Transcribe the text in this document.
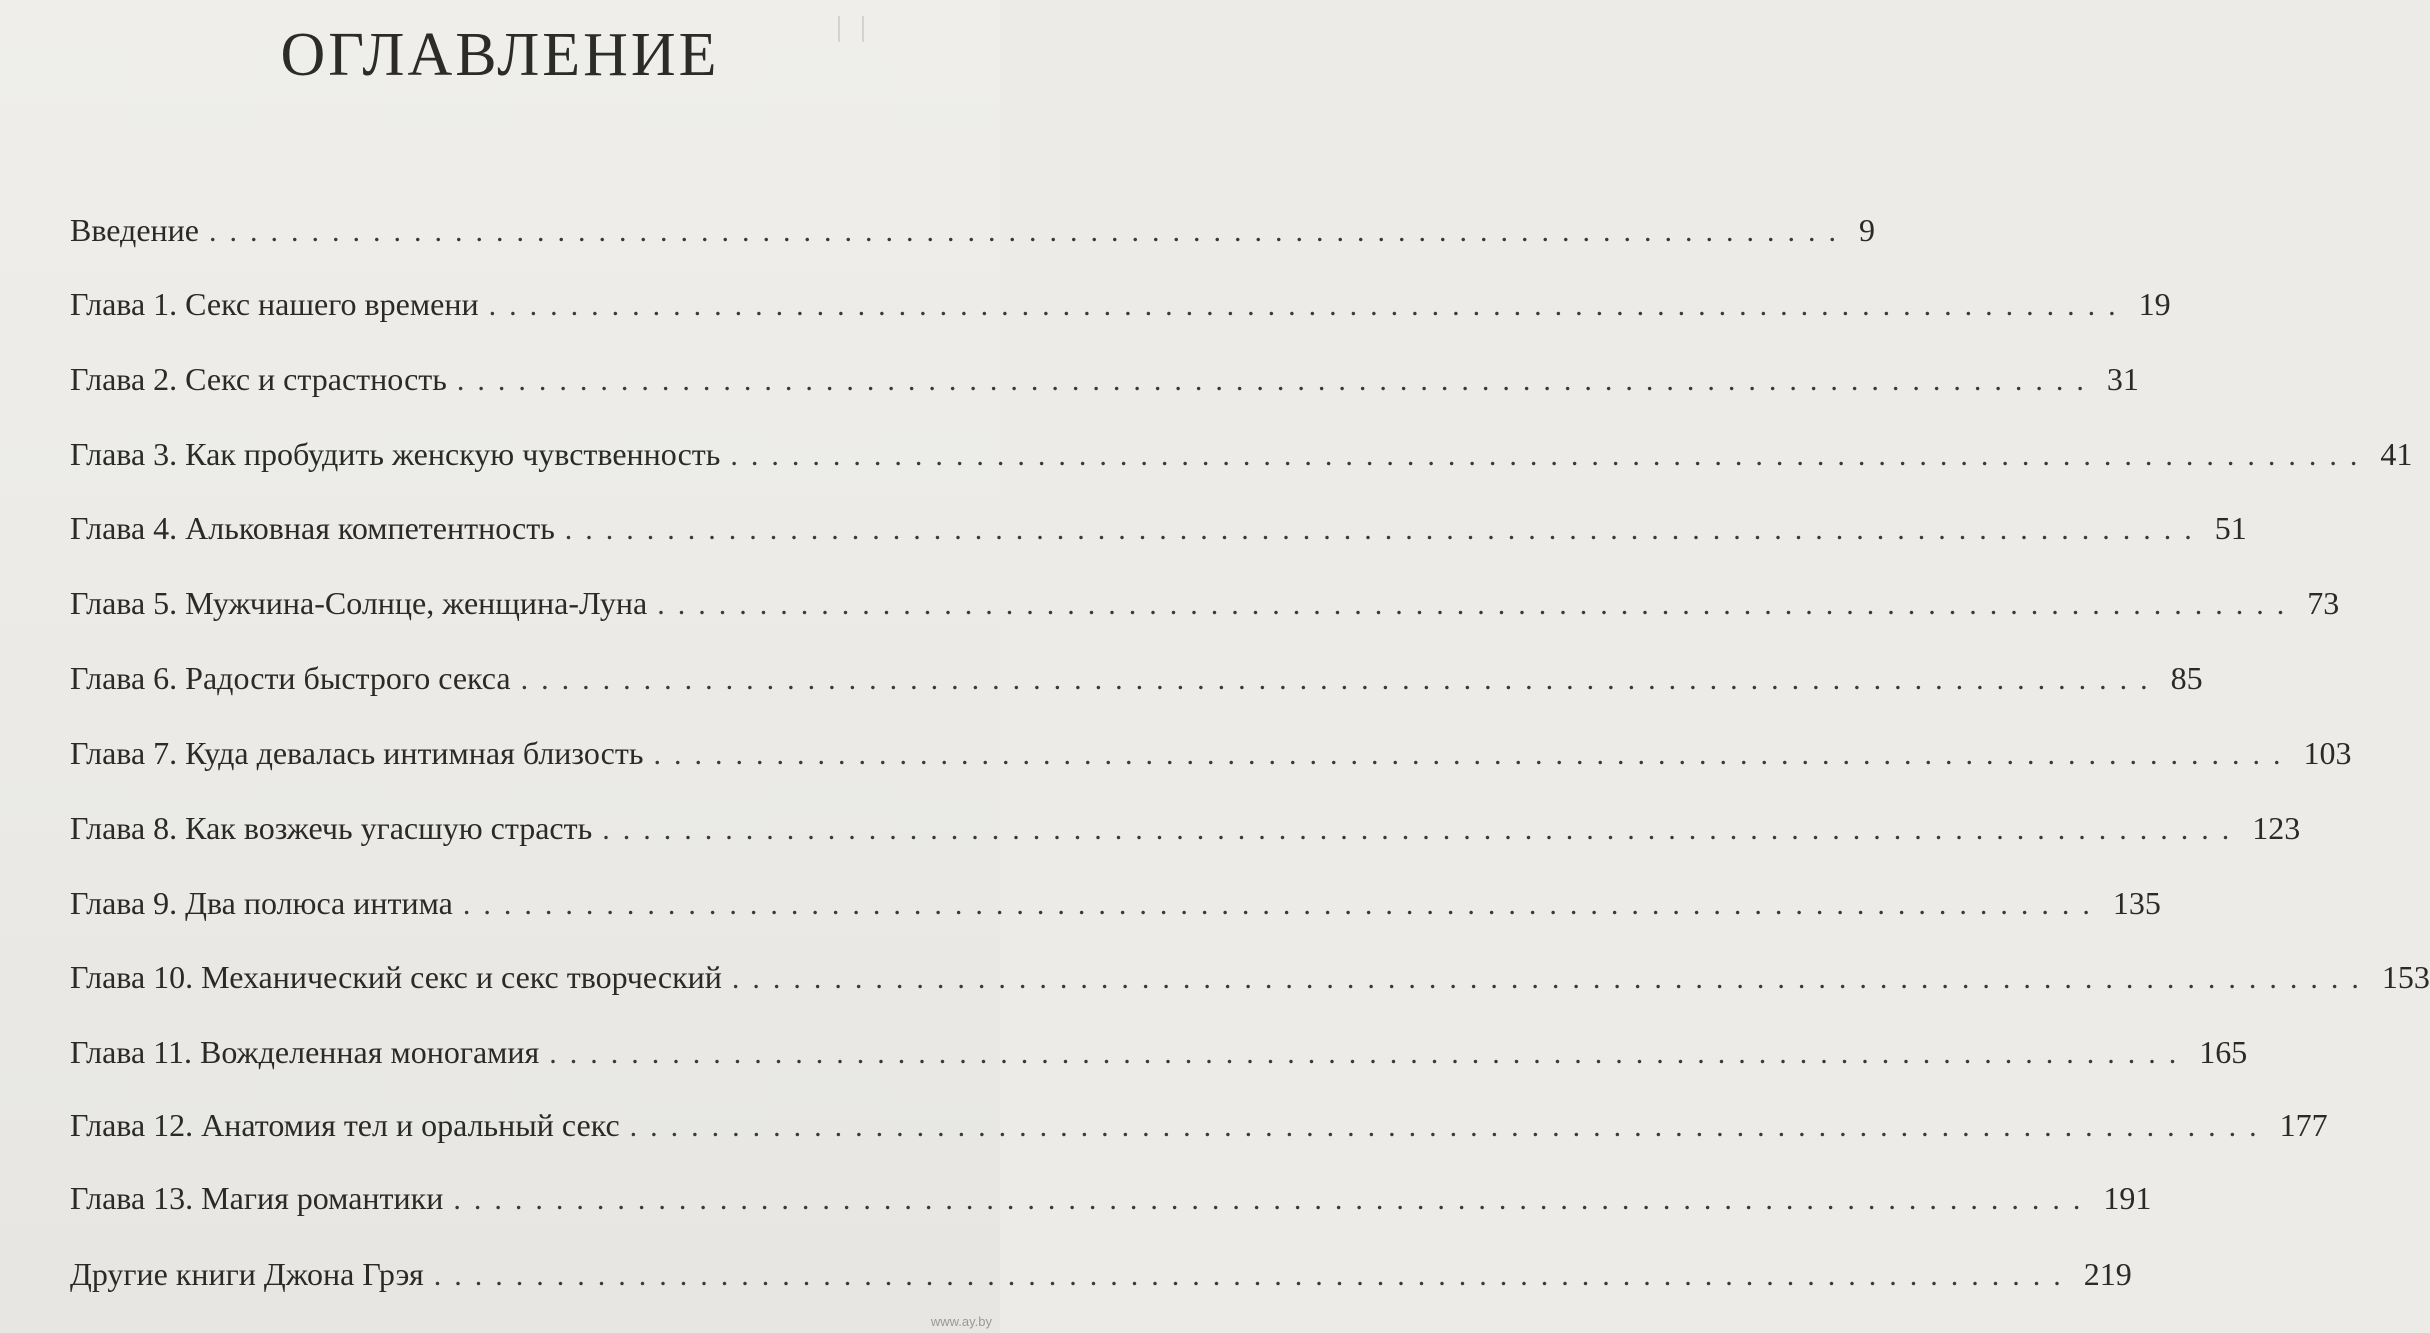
ОГЛАВЛЕНИЕ
Введение ................................................................................ 9
Глава 1. Секс нашего времени ................................................................................ 19
Глава 2. Секс и страстность ................................................................................ 31
Глава 3. Как пробудить женскую чувственность ................................................................................ 41
Глава 4. Альковная компетентность ................................................................................ 51
Глава 5. Мужчина-Солнце, женщина-Луна ................................................................................ 73
Глава 6. Радости быстрого секса ................................................................................ 85
Глава 7. Куда девалась интимная близость ................................................................................ 103
Глава 8. Как возжечь угасшую страсть ................................................................................ 123
Глава 9. Два полюса интима ................................................................................ 135
Глава 10. Механический секс и секс творческий ................................................................................ 153
Глава 11. Вожделенная моногамия ................................................................................ 165
Глава 12. Анатомия тел и оральный секс ................................................................................ 177
Глава 13. Магия романтики ................................................................................ 191
Другие книги Джона Грэя ................................................................................ 219
www.ay.by
